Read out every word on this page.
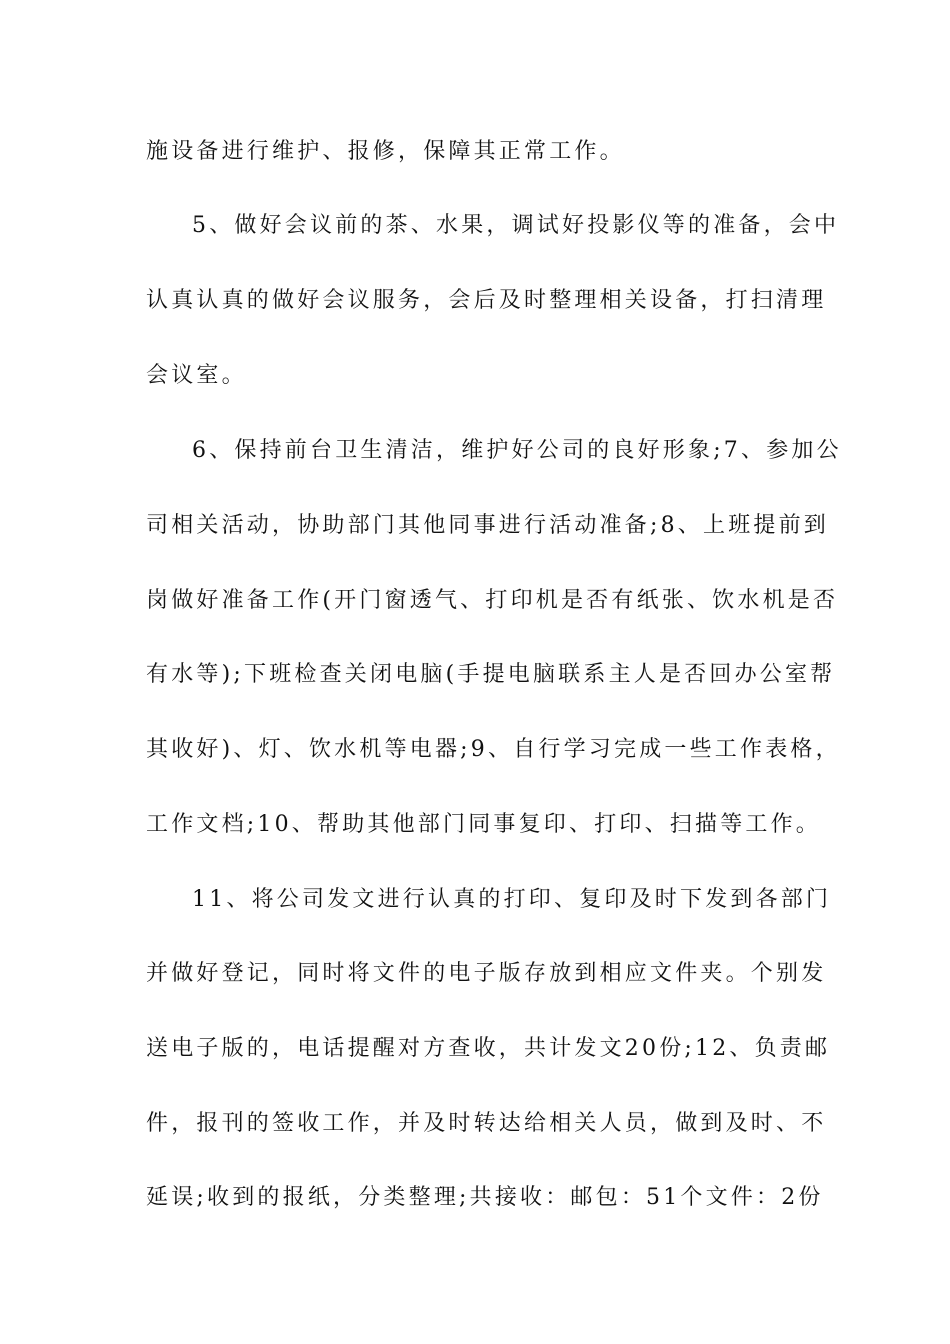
施设备进行维护、报修，保障其正常工作。
5、做好会议前的茶、水果，调试好投影仪等的准备，会中
认真认真的做好会议服务，会后及时整理相关设备，打扫清理
会议室。
6、保持前台卫生清洁，维护好公司的良好形象;7、参加公
司相关活动，协助部门其他同事进行活动准备;8、上班提前到
岗做好准备工作(开门窗透气、打印机是否有纸张、饮水机是否
有水等);下班检查关闭电脑(手提电脑联系主人是否回办公室帮
其收好)、灯、饮水机等电器;9、自行学习完成一些工作表格，
工作文档;10、帮助其他部门同事复印、打印、扫描等工作。
11、将公司发文进行认真的打印、复印及时下发到各部门
并做好登记，同时将文件的电子版存放到相应文件夹。个别发
送电子版的，电话提醒对方查收，共计发文20份;12、负责邮
件，报刊的签收工作，并及时转达给相关人员，做到及时、不
延误;收到的报纸，分类整理;共接收：邮包：51个文件：2份
